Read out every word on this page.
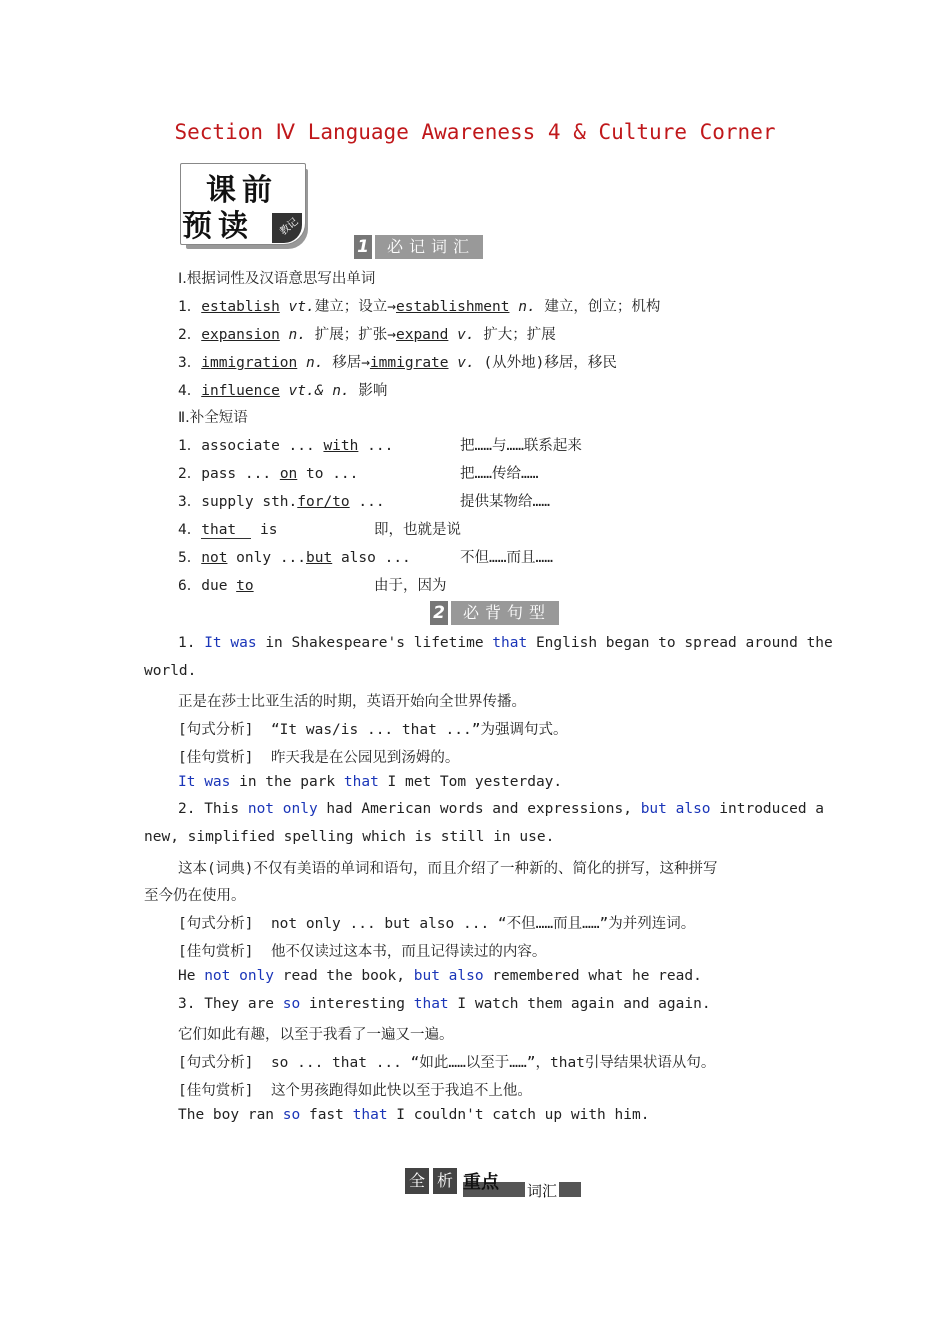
Section Ⅳ Language Awareness 4 & Culture Corner
课前
预读 教记
1	必记词汇
Ⅰ.根据词性及汉语意思写出单词
1．establish vt.建立；设立→establishment n. 建立，创立；机构
2．expansion n. 扩展；扩张→expand v. 扩大；扩展
3．immigration n. 移居→immigrate v. (从外地)移居，移民
4．influence vt.& n. 影响
Ⅱ.补全短语
1．associate ... with ...	把……与……联系起来
2．pass ... on to ...	把……传给……
3．supply sth.for/to ...	提供某物给……
4．that is	即，也就是说
5．not only ...but also ...	不但……而且……
6．due to	由于，因为
2	必背句型
1. It was in Shakespeare's lifetime that English began to spread around the
world.
正是在莎士比亚生活的时期，英语开始向全世界传播。
[句式分析] “It was/is ... that ...”为强调句式。
[佳句赏析] 昨天我是在公园见到汤姆的。
It was in the park that I met Tom yesterday.
2. This not only had American words and expressions, but also introduced a
new, simplified spelling which is still in use.
这本(词典)不仅有美语的单词和语句，而且介绍了一种新的、简化的拼写，这种拼写
至今仍在使用。
[句式分析] not only ... but also ... “不但……而且……”为并列连词。
[佳句赏析] 他不仅读过这本书，而且记得读过的内容。
He not only read the book, but also remembered what he read.
3. They are so interesting that I watch them again and again.
它们如此有趣，以至于我看了一遍又一遍。
[句式分析] so ... that ... “如此……以至于……”，that引导结果状语从句。
[佳句赏析] 这个男孩跑得如此快以至于我追不上他。
The boy ran so fast that I couldn't catch up with him.
全 析 重点 词汇
